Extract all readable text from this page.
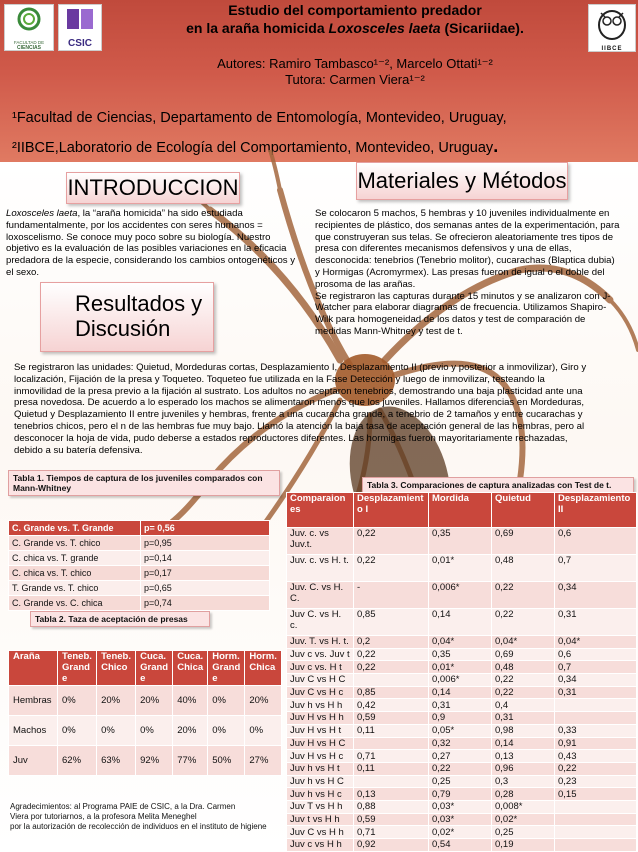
FACULTAD DE
CIENCIAS	CSIC	IIBCE
Estudio del comportamiento predador
en la araña homicida Loxosceles laeta (Sicariidae).
Autores: Ramiro Tambasco¹⁻², Marcelo Ottati¹⁻²
Tutora: Carmen Viera¹⁻²
¹Facultad de Ciencias, Departamento de Entomología, Montevideo, Uruguay,
²IIBCE,Laboratorio de Ecología del Comportamiento, Montevideo, Uruguay.
INTRODUCCION
Loxosceles laeta, la “araña homicida” ha sido estudiada
fundamentalmente, por los accidentes con seres humanos =
loxoscelismo. Se conoce muy poco sobre su biología. Nuestro
objetivo es la evaluación de las posibles variaciones en la eficacia
predadora de la especie, considerando los cambios ontogenéticos y
el sexo.
Materiales y Métodos
Se colocaron 5 machos, 5 hembras y 10 juveniles individualmente en
recipientes de plástico, dos semanas antes de la experimentación, para
que construyeran sus telas. Se ofrecieron aleatoriamente tres tipos de
presa con diferentes mecanismos defensivos y una de ellas,
desconocida: tenebrios (Tenebrio molitor), cucarachas (Blaptica dubia)
y Hormigas (Acromyrmex). Las presas fueron de igual o el doble del
prosoma de las arañas.
Se registraron las capturas durante 15 minutos y se analizaron con J-
Watcher para elaborar diagramas de frecuencia. Utilizamos Shapiro-
Wilk para homogeneidad de los datos y test de comparación de
medidas Mann-Whitney y test de t.
Resultados y
Discusión
Se registraron las unidades: Quietud, Mordeduras cortas, Desplazamiento I, Desplazamiento II (previo y posterior a inmovilizar), Giro y
localización, Fijación de la presa y Toqueteo. Toqueteo fue utilizada en la Fase Detección y luego de inmovilizar, testeando la
inmovilidad de la presa previo a la fijación al sustrato. Los adultos no aceptaron tenebrios, demostrando una baja plasticidad ante una
presa novedosa. De acuerdo a lo esperado los machos se alimentaron menos que los juveniles. Hallamos diferencias en Mordeduras,
Quietud y Desplazamiento II entre juveniles y hembras, frente a una cucaracha grande, a tenebrio de 2 tamaños y entre cucarachas y
tenebrios chicos, pero el n de las hembras fue muy bajo. Llamó la atención la baja tasa de aceptación general de las hembras, pero al
desconocer la hoja de vida, pudo deberse a estados reproductores diferentes. Las hormigas fueron mayoritariamente rechazadas,
debido a su batería defensiva.
Tabla 1. Tiempos de captura de los juveniles comparados con Mann-Whitney
C. Grande vs. T. Grande	p= 0,56
C. Grande vs. T. chico	p=0,95
C. chica vs. T. grande	p=0,14
C. chica vs. T. chico	p=0,17
T. Grande vs. T. chico	p=0,65
C. Grande vs. C. chica	p=0,74
Tabla 2. Taza de aceptación de presas
Araña	Teneb. Grand e	Teneb. Chico	Cuca. Grand e	Cuca. Chica	Horm. Grand e	Horm. Chica
Hembras	0%	20%	20%	40%	0%	20%
Machos	0%	0%	0%	20%	0%	0%
Juv	62%	63%	92%	77%	50%	27%
Tabla 3. Comparaciones de captura analizadas con Test de t.
Comparaion es	Desplazamient o I	Mordida	Quietud	Desplazamiento II
Juv. c. vs Juv.t.	0,22	0,35	0,69	0,6
Juv. c. vs H. t.	0,22	0,01*	0,48	0,7
Juv. C. vs H. C.	-	0,006*	0,22	0,34
Juv C. vs H. c.	0,85	0,14	0,22	0,31
Juv. T. vs H. t.	0,2	0,04*	0,04*	0,04*
Juv c vs. Juv t	0,22	0,35	0,69	0,6
Juv c vs. H t	0,22	0,01*	0,48	0,7
Juv C vs H C		0,006*	0,22	0,34
Juv C vs H c	0,85	0,14	0,22	0,31
Juv h vs H h	0,42	0,31	0,4	
Juv H vs H h	0,59	0,9	0,31	
Juv H vs H t	0,11	0,05*	0,98	0,33
Juv H vs H C		0,32	0,14	0,91
Juv H vs H c	0,71	0,27	0,13	0,43
Juv h vs H t	0,11	0,22	0,96	0,22
Juv h vs H C		0,25	0,3	0,23
Juv h vs H c	0,13	0,79	0,28	0,15
Juv T vs H h	0,88	0,03*	0,008*	
Juv t vs H h	0,59	0,03*	0,02*	
Juv C vs H h	0,71	0,02*	0,25	
Juv c vs H h	0,92	0,54	0,19	
Agradecimientos: al Programa PAIE de CSIC, a la Dra. Carmen
Viera por tutoriarnos, a la profesora Melita Meneghel
por la autorización de recolección de individuos en el instituto de higiene
